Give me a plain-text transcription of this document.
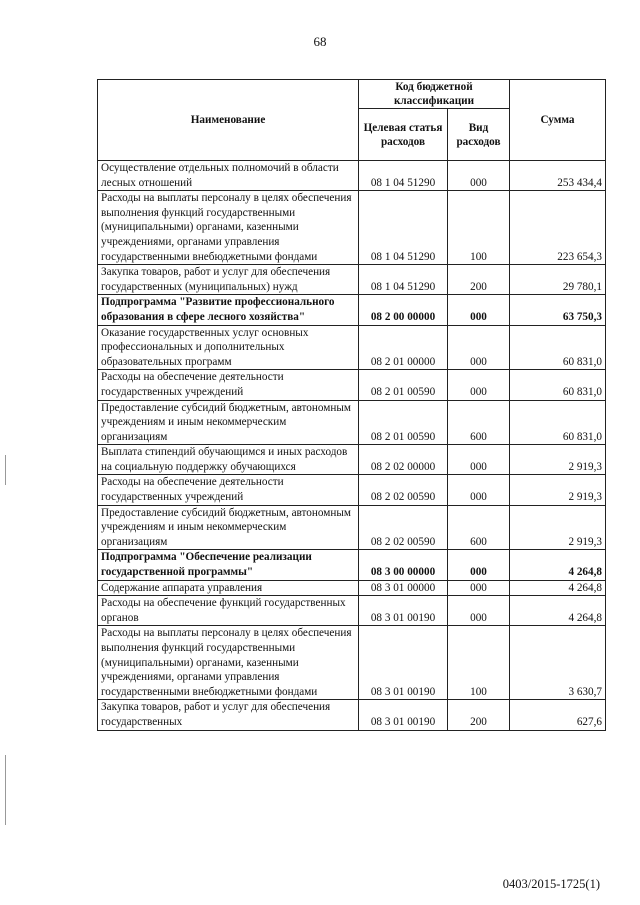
68
Наименование	Код бюджетной классификации		Сумма
	Целевая статья расходов	Вид расходов	
Осуществление отдельных полномочий в области лесных отношений	08 1 04 51290	000	253 434,4
Расходы на выплаты персоналу в целях обеспечения выполнения функций государственными (муниципальными) органами, казенными учреждениями, органами управления государственными внебюджетными фондами	08 1 04 51290	100	223 654,3
Закупка товаров, работ и услуг для обеспечения государственных (муниципальных) нужд	08 1 04 51290	200	29 780,1
Подпрограмма "Развитие профессионального образования в сфере лесного хозяйства"	08 2 00 00000	000	63 750,3
Оказание государственных услуг основных профессиональных и дополнительных образовательных программ	08 2 01 00000	000	60 831,0
Расходы на обеспечение деятельности государственных учреждений	08 2 01 00590	000	60 831,0
Предоставление субсидий бюджетным, автономным учреждениям и иным некоммерческим организациям	08 2 01 00590	600	60 831,0
Выплата стипендий обучающимся и иных расходов на социальную поддержку обучающихся	08 2 02 00000	000	2 919,3
Расходы на обеспечение деятельности государственных учреждений	08 2 02 00590	000	2 919,3
Предоставление субсидий бюджетным, автономным учреждениям и иным некоммерческим организациям	08 2 02 00590	600	2 919,3
Подпрограмма "Обеспечение реализации государственной программы"	08 3 00 00000	000	4 264,8
Содержание аппарата управления	08 3 01 00000	000	4 264,8
Расходы на обеспечение функций государственных органов	08 3 01 00190	000	4 264,8
Расходы на выплаты персоналу в целях обеспечения выполнения функций государственными (муниципальными) органами, казенными учреждениями, органами управления государственными внебюджетными фондами	08 3 01 00190	100	3 630,7
Закупка товаров, работ и услуг для обеспечения государственных	08 3 01 00190	200	627,6
0403/2015-1725(1)
